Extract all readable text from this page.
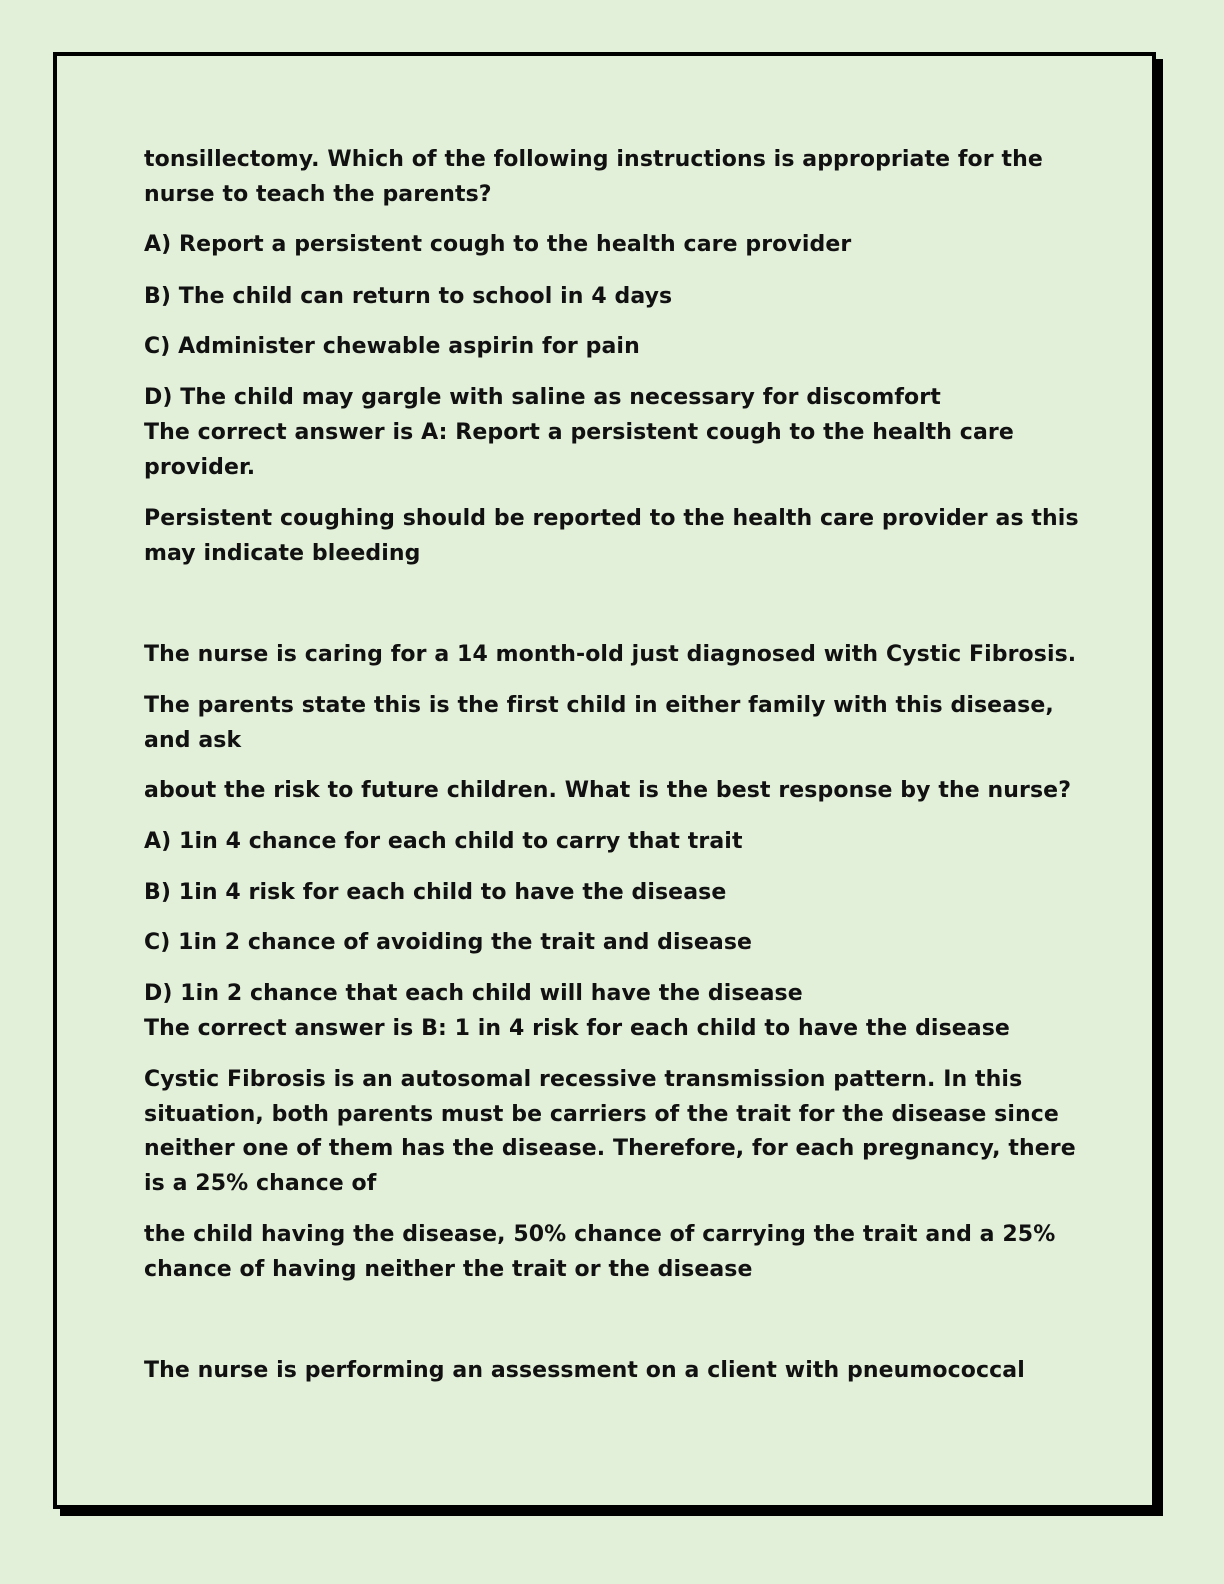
tonsillectomy. Which of the following instructions is appropriate for the

nurse to teach the parents?

A) Report a persistent cough to the health care provider

B) The child can return to school in 4 days

C) Administer chewable aspirin for pain

D) The child may gargle with saline as necessary for discomfort

The correct answer is A: Report a persistent cough to the health care

provider.

Persistent coughing should be reported to the health care provider as this

may indicate bleeding

The nurse is caring for a 14 month-old just diagnosed with Cystic Fibrosis.

The parents state this is the first child in either family with this disease,

and ask

about the risk to future children. What is the best response by the nurse?

A) 1in 4 chance for each child to carry that trait

B) 1in 4 risk for each child to have the disease

C) 1in 2 chance of avoiding the trait and disease

D) 1in 2 chance that each child will have the disease

The correct answer is B: 1 in 4 risk for each child to have the disease

Cystic Fibrosis is an autosomal recessive transmission pattern. In this

situation, both parents must be carriers of the trait for the disease since

neither one of them has the disease. Therefore, for each pregnancy, there

is a 25% chance of

the child having the disease, 50% chance of carrying the trait and a 25%

chance of having neither the trait or the disease

The nurse is performing an assessment on a client with pneumococcal
